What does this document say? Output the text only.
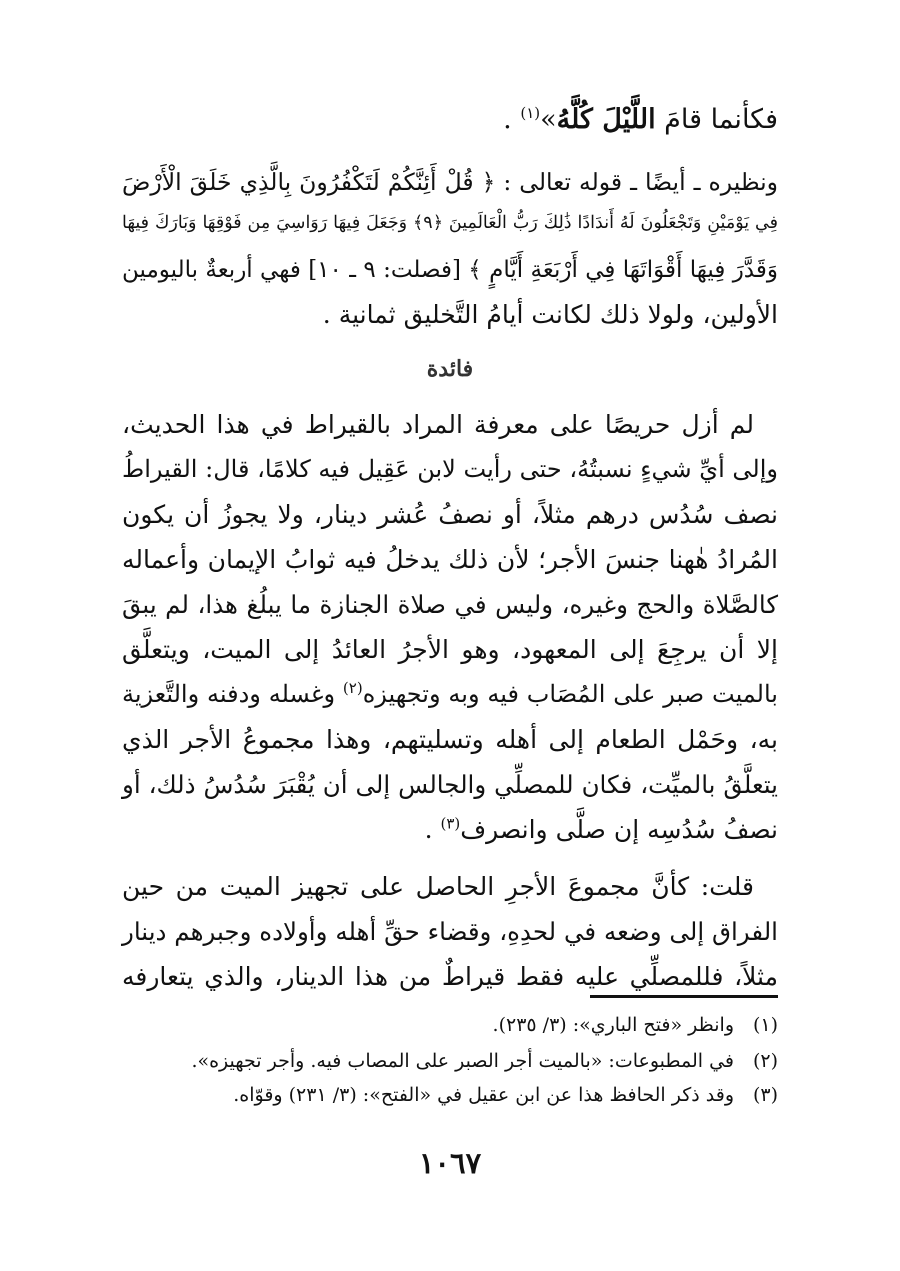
فكأنما قامَ اللَّيْلَ كُلَّهُ»$^{(١)}$ .
ونظيره ـ أيضًا ـ قوله تعالى : ﴿ قُلْ أَئِنَّكُمْ لَتَكْفُرُونَ بِالَّذِي خَلَقَ الْأَرْضَ
فِي يَوْمَيْنِ وَتَجْعَلُونَ لَهُ أَندَادًا ذَٰلِكَ رَبُّ الْعَالَمِينَ ﴿٩﴾ وَجَعَلَ فِيهَا رَوَاسِيَ مِن فَوْقِهَا وَبَارَكَ فِيهَا
وَقَدَّرَ فِيهَا أَقْوَاتَهَا فِي أَرْبَعَةِ أَيَّامٍ ﴾ [فصلت: ٩ ـ ١٠] فهي أربعةٌ باليومين
الأولين، ولولا ذلك لكانت أيامُ التَّخليق ثمانية .
فائدة
لم أزل حريصًا على معرفة المراد بالقيراط في هذا الحديث،
وإلى أيِّ شيءٍ نسبتُهُ، حتى رأيت لابن عَقِيل فيه كلامًا، قال: القيراطُ
نصف سُدُس درهم مثلاً، أو نصفُ عُشر دينار، ولا يجوزُ أن يكون
المُرادُ هٰهنا جنسَ الأجر؛ لأن ذلك يدخلُ فيه ثوابُ الإيمان وأعماله
كالصَّلاة والحج وغيره، وليس في صلاة الجنازة ما يبلُغ هذا، لم يبقَ
إلا أن يرجِعَ إلى المعهود، وهو الأجرُ العائدُ إلى الميت، ويتعلَّق
بالميت صبر على المُصَاب فيه وبه وتجهيزه$^{(٢)}$ وغسله ودفنه والتَّعزية
به، وحَمْل الطعام إلى أهله وتسليتهم، وهذا مجموعُ الأجر الذي
يتعلَّقُ بالميِّت، فكان للمصلِّي والجالس إلى أن يُقْبَرَ سُدُسُ ذلك، أو
نصفُ سُدُسِه إن صلَّى وانصرف$^{(٣)}$ .
قلت: كأنَّ مجموعَ الأجرِ الحاصل على تجهيز الميت من حين
الفراق إلى وضعه في لحدِهِ، وقضاء حقِّ أهله وأولاده وجبرهم دينار
مثلاً، فللمصلِّي عليه فقط قيراطٌ من هذا الدينار، والذي يتعارفه
(١)وانظر «فتح الباري»: (٣/ ٢٣٥).
(٢)في المطبوعات: «بالميت أجر الصبر على المصاب فيه. وأجر تجهيزه».
(٣)وقد ذكر الحافظ هذا عن ابن عقيل في «الفتح»: (٣/ ٢٣١) وقوّاه.
١٠٦٧
